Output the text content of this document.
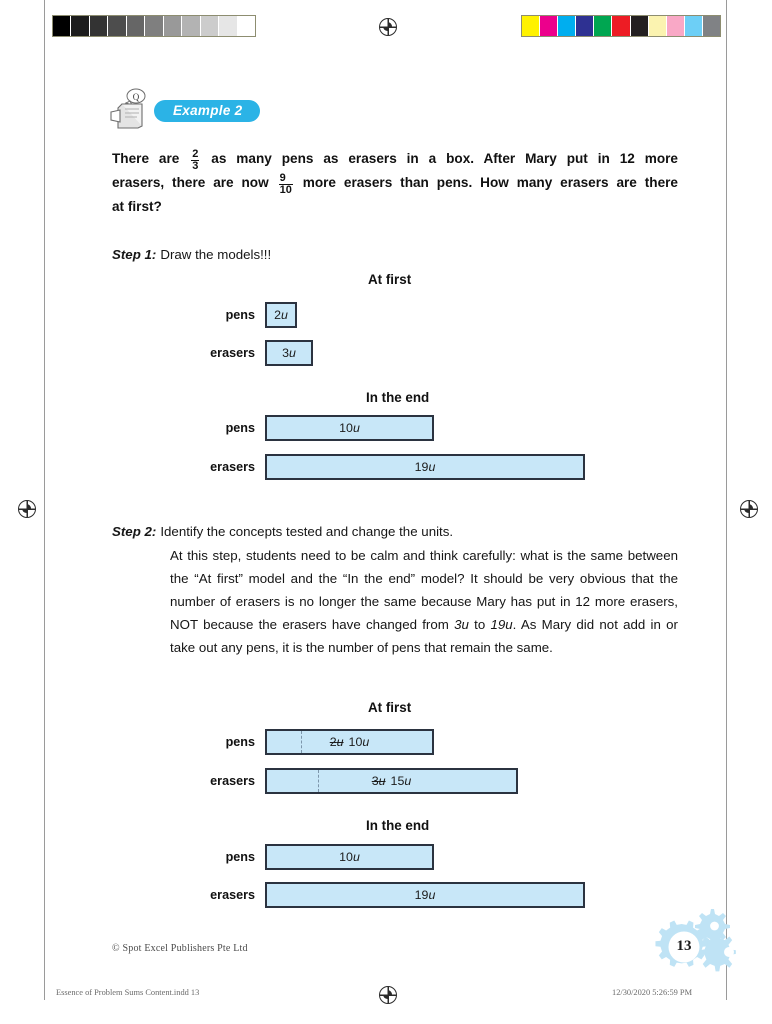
Q
Example 2
There are $\frac{2}{3}$ as many pens as erasers in a box. After Mary put in 12 more
erasers, there are now $\frac{9}{10}$ more erasers than pens. How many erasers are there
at first?
Step 1: Draw the models!!!
Step 2: Identify the concepts tested and change the units.
At this step, students need to be calm and think carefully: what is the same between the “At first” model and the “In the end” model? It should be very obvious that the number of erasers is no longer the same because Mary has put in 12 more erasers, NOT because the erasers have changed from 3u to 19u. As Mary did not add in or take out any pens, it is the number of pens that remain the same.
At first
pens 2u
erasers 3u
In the end
pens	10u
erasers	19u
At first
pens	2u 10u
erasers	3u 15u
In the end
pens	10u
erasers	19u
© Spot Excel Publishers Pte Ltd	13
Essence of Problem Sums Content.indd 13	12/30/2020 5:26:59 PM
